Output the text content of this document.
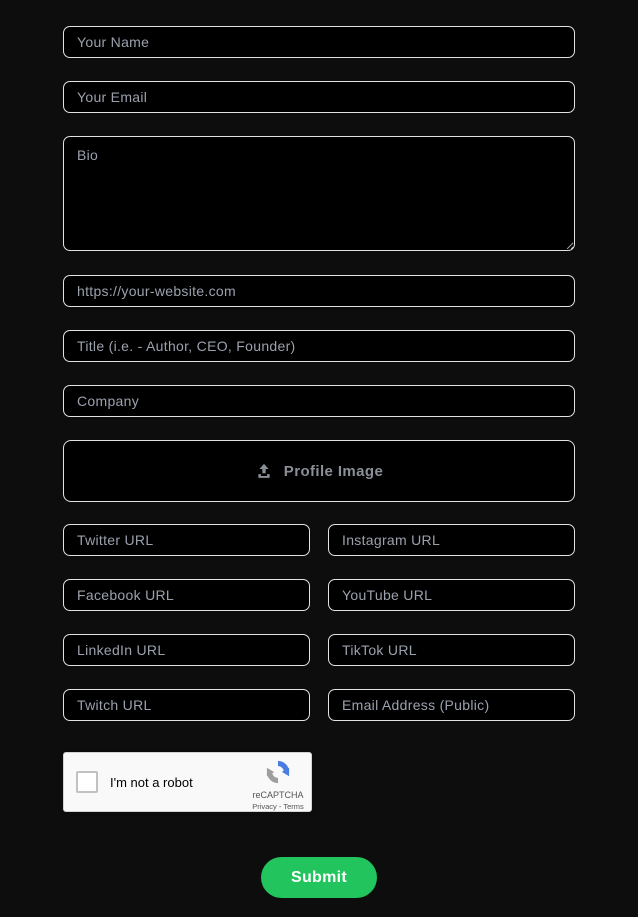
Your Name
Your Email
Bio
https://your-website.com
Title (i.e. - Author, CEO, Founder)
Company
Profile Image
Twitter URL
Instagram URL
Facebook URL
YouTube URL
LinkedIn URL
TikTok URL
Twitch URL
Email Address (Public)
I'm not a robot
reCAPTCHA
Privacy - Terms
Submit
